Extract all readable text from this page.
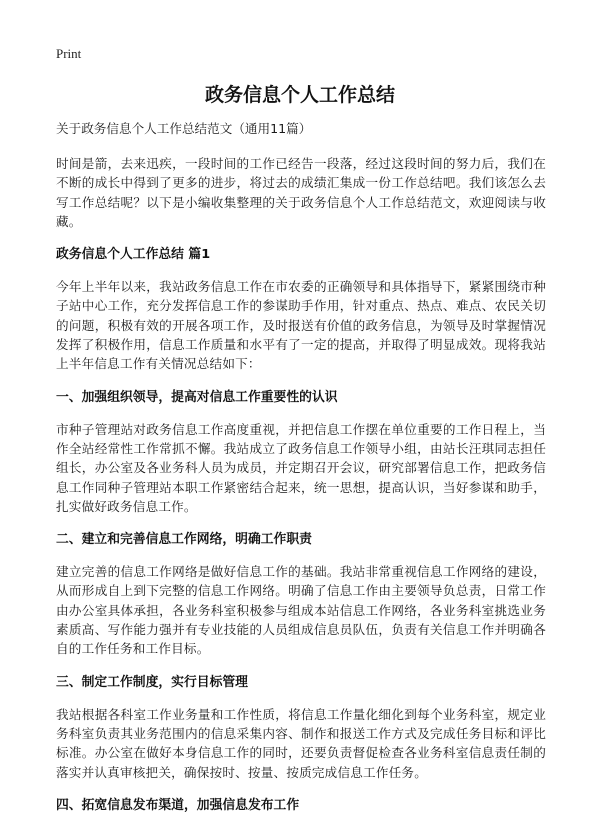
Print
政务信息个人工作总结
关于政务信息个人工作总结范文（通用11篇）

时间是箭，去来迅疾，一段时间的工作已经告一段落，经过这段时间的努力后，我们在不断的成长中得到了更多的进步，将过去的成绩汇集成一份工作总结吧。我们该怎么去写工作总结呢？以下是小编收集整理的关于政务信息个人工作总结范文，欢迎阅读与收藏。

政务信息个人工作总结 篇1

今年上半年以来，我站政务信息工作在市农委的正确领导和具体指导下，紧紧围绕市种子站中心工作，充分发挥信息工作的参谋助手作用，针对重点、热点、难点、农民关切的问题，积极有效的开展各项工作，及时报送有价值的政务信息，为领导及时掌握情况发挥了积极作用，信息工作质量和水平有了一定的提高，并取得了明显成效。现将我站上半年信息工作有关情况总结如下：

一、加强组织领导，提高对信息工作重要性的认识

市种子管理站对政务信息工作高度重视，并把信息工作摆在单位重要的工作日程上，当作全站经常性工作常抓不懈。我站成立了政务信息工作领导小组，由站长汪琪同志担任组长，办公室及各业务科人员为成员，并定期召开会议，研究部署信息工作，把政务信息工作同种子管理站本职工作紧密结合起来，统一思想，提高认识，当好参谋和助手，扎实做好政务信息工作。

二、建立和完善信息工作网络，明确工作职责

建立完善的信息工作网络是做好信息工作的基础。我站非常重视信息工作网络的建设，从而形成自上到下完整的信息工作网络。明确了信息工作由主要领导负总责，日常工作由办公室具体承担，各业务科室积极参与组成本站信息工作网络，各业务科室挑选业务素质高、写作能力强并有专业技能的人员组成信息员队伍，负责有关信息工作并明确各自的工作任务和工作目标。

三、制定工作制度，实行目标管理

我站根据各科室工作业务量和工作性质，将信息工作量化细化到每个业务科室，规定业务科室负责其业务范围内的信息采集内容、制作和报送工作方式及完成任务目标和评比标准。办公室在做好本身信息工作的同时，还要负责督促检查各业务科室信息责任制的落实并认真审核把关，确保按时、按量、按质完成信息工作任务。

四、拓宽信息发布渠道，加强信息发布工作
